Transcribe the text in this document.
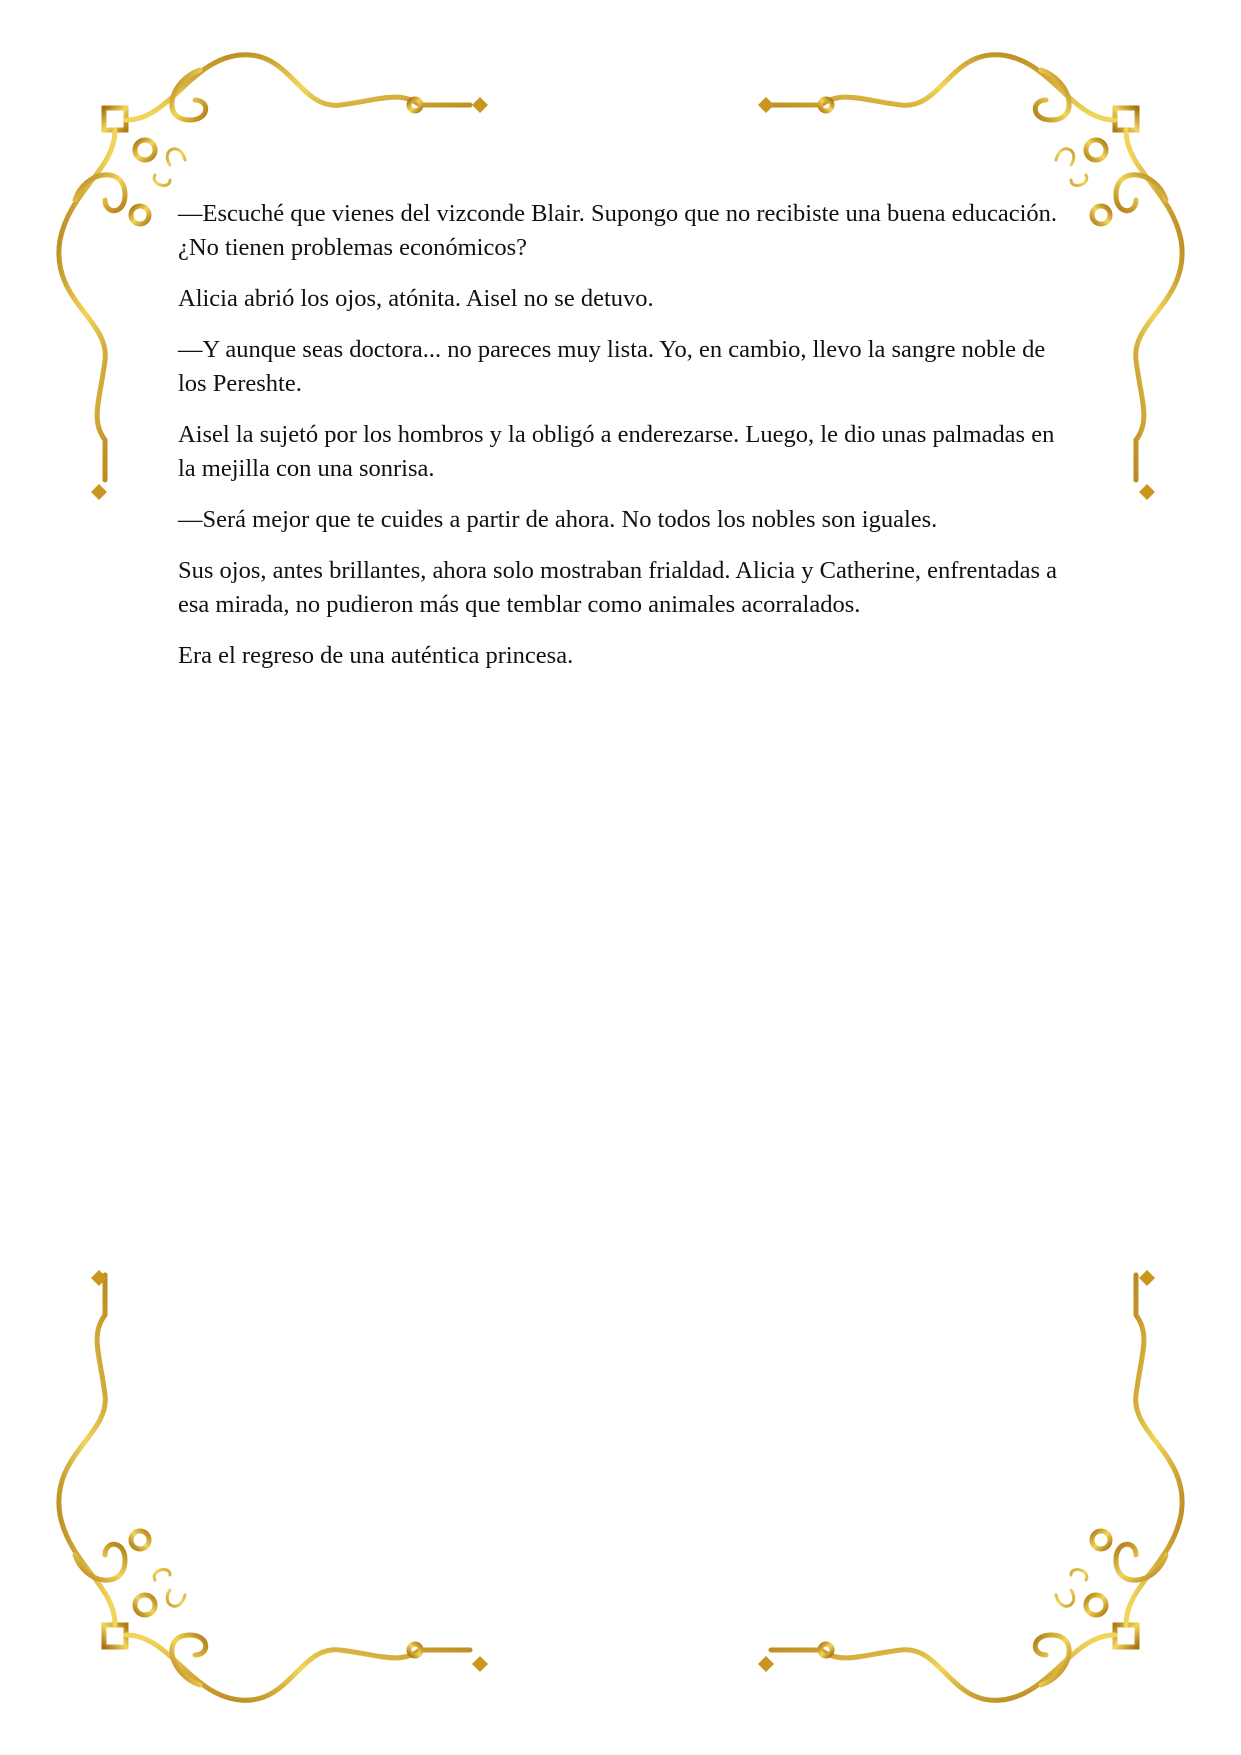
—Escuché que vienes del vizconde Blair. Supongo que no recibiste una buena educación. ¿No tienen problemas económicos?

Alicia abrió los ojos, atónita. Aisel no se detuvo.

—Y aunque seas doctora... no pareces muy lista. Yo, en cambio, llevo la sangre noble de los Pereshte.

Aisel la sujetó por los hombros y la obligó a enderezarse. Luego, le dio unas palmadas en la mejilla con una sonrisa.

—Será mejor que te cuides a partir de ahora. No todos los nobles son iguales.

Sus ojos, antes brillantes, ahora solo mostraban frialdad. Alicia y Catherine, enfrentadas a esa mirada, no pudieron más que temblar como animales acorralados.

Era el regreso de una auténtica princesa.
